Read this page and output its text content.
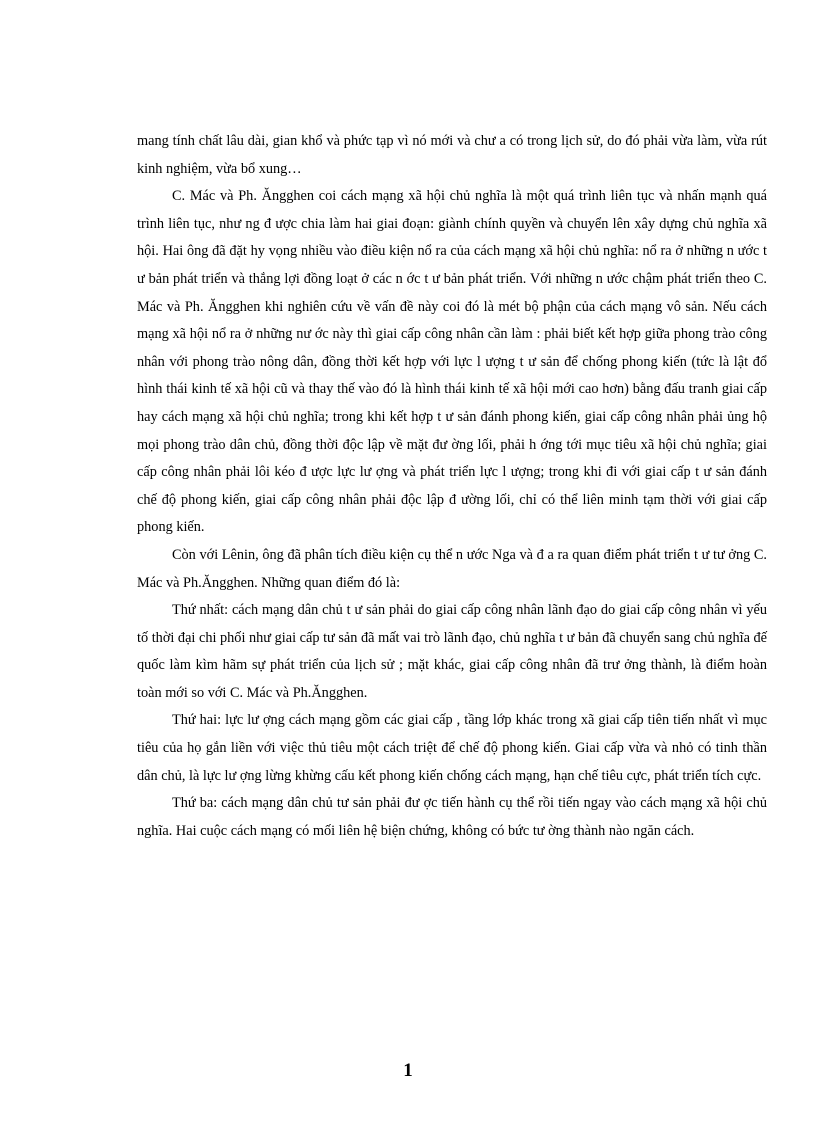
mang tính chất lâu dài, gian khổ và phức tạp vì nó mới và chư a có trong lịch sử, do đó phải vừa làm, vừa rút kinh nghiệm, vừa bổ xung…

C. Mác và Ph. Ăngghen coi cách mạng xã hội chủ nghĩa là một quá trình liên tục và nhấn mạnh quá trình liên tục, như ng đ ược chia làm hai giai đoạn: giành chính quyền và chuyển lên xây dựng chủ nghĩa xã hội. Hai ông đã đặt hy vọng nhiều vào điều kiện nổ ra của cách mạng xã hội chủ nghĩa: nổ ra ở những n ước t ư bản phát triển và thắng lợi đồng loạt ở các n ớc t ư bản phát triển. Với những n ước chậm phát triển theo C. Mác và Ph. Ăngghen khi nghiên cứu về vấn đề này coi đó là mét bộ phận của cách mạng vô sản. Nếu cách mạng xã hội nổ ra ở những nư ớc này thì giai cấp công nhân cần làm : phải biết kết hợp giữa phong trào công nhân với phong trào nông dân, đồng thời kết hợp với lực l ượng t ư sản để chống phong kiến (tức là lật đổ hình thái kinh tế xã hội cũ và thay thế vào đó là hình thái kinh tế xã hội mới cao hơn) bằng đấu tranh giai cấp hay cách mạng xã hội chủ nghĩa; trong khi kết hợp t ư sản đánh phong kiến, giai cấp công nhân phải ủng hộ mọi phong trào dân chủ, đồng thời độc lập về mặt đư ờng lối, phải h ớng tới mục tiêu xã hội chủ nghĩa; giai cấp công nhân phải lôi kéo đ ược lực lư ợng và phát triển lực l ượng; trong khi đi với giai cấp t ư sản đánh chế độ phong kiến, giai cấp công nhân phải độc lập đ ường lối, chỉ có thể liên minh tạm thời với giai cấp phong kiến.

Còn với Lênin, ông đã phân tích điều kiện cụ thể n ước Nga và đ a ra quan điểm phát triển t ư tư ởng C. Mác và Ph.Ăngghen. Những quan điểm đó là:

Thứ nhất: cách mạng dân chủ t ư sản phải do giai cấp công nhân lãnh đạo do giai cấp công nhân vì yếu tố thời đại chi phối như giai cấp tư sản đã mất vai trò lãnh đạo, chủ nghĩa t ư bản đã chuyển sang chủ nghĩa đế quốc làm kìm hãm sự phát triển của lịch sử ; mặt khác, giai cấp công nhân đã trư ởng thành, là điểm hoàn toàn mới so với C. Mác và Ph.Ăngghen.

Thứ hai: lực lư ợng cách mạng gồm các giai cấp , tầng lớp khác trong xã giai cấp tiên tiến nhất vì mục tiêu của họ gắn liền với việc thủ tiêu một cách triệt để chế độ phong kiến. Giai cấp vừa và nhỏ có tinh thần dân chủ, là lực lư ợng lừng khừng cấu kết phong kiến chống cách mạng, hạn chế tiêu cực, phát triển tích cực.

Thứ ba: cách mạng dân chủ tư sản phải đư ợc tiến hành cụ thể rồi tiến ngay vào cách mạng xã hội chủ nghĩa. Hai cuộc cách mạng có mối liên hệ biện chứng, không có bức tư ờng thành nào ngăn cách.

1
